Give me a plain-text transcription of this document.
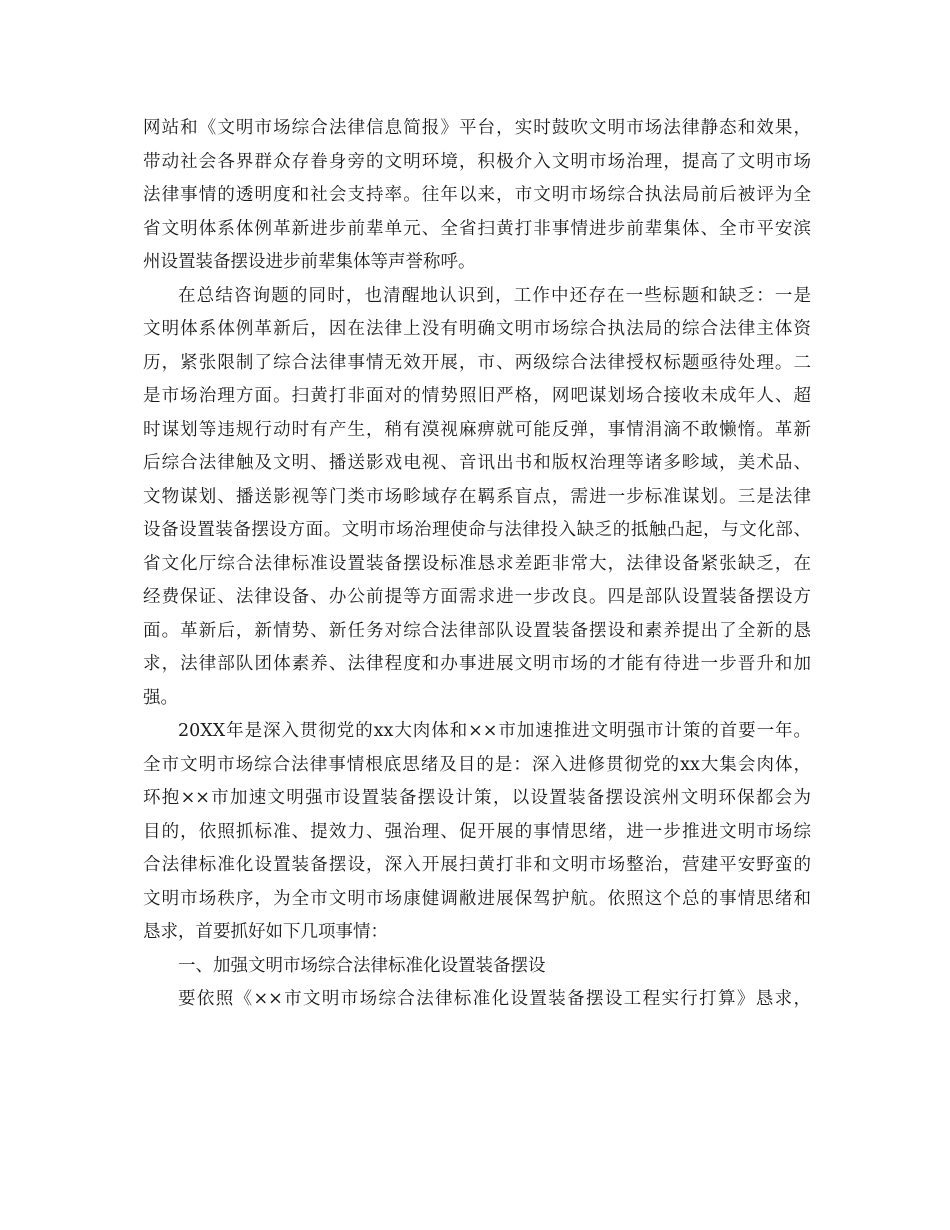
网站和《文明市场综合法律信息简报》平台，实时鼓吹文明市场法律静态和效果，
带动社会各界群众存眷身旁的文明环境，积极介入文明市场治理，提高了文明市场
法律事情的透明度和社会支持率。往年以来，市文明市场综合执法局前后被评为全
省文明体系体例革新进步前辈单元、全省扫黄打非事情进步前辈集体、全市平安滨
州设置装备摆设进步前辈集体等声誉称呼。
在总结咨询题的同时，也清醒地认识到，工作中还存在一些标题和缺乏：一是
文明体系体例革新后，因在法律上没有明确文明市场综合执法局的综合法律主体资
历，紧张限制了综合法律事情无效开展，市、两级综合法律授权标题亟待处理。二
是市场治理方面。扫黄打非面对的情势照旧严格，网吧谋划场合接收未成年人、超
时谋划等违规行动时有产生，稍有漠视麻痹就可能反弹，事情涓滴不敢懒惰。革新
后综合法律触及文明、播送影戏电视、音讯出书和版权治理等诸多畛域，美术品、
文物谋划、播送影视等门类市场畛域存在羁系盲点，需进一步标准谋划。三是法律
设备设置装备摆设方面。文明市场治理使命与法律投入缺乏的抵触凸起，与文化部、
省文化厅综合法律标准设置装备摆设标准恳求差距非常大，法律设备紧张缺乏，在
经费保证、法律设备、办公前提等方面需求进一步改良。四是部队设置装备摆设方
面。革新后，新情势、新任务对综合法律部队设置装备摆设和素养提出了全新的恳
求，法律部队团体素养、法律程度和办事进展文明市场的才能有待进一步晋升和加
强。
20XX年是深入贯彻党的xx大肉体和××市加速推进文明强市计策的首要一年。
全市文明市场综合法律事情根底思绪及目的是：深入进修贯彻党的xx大集会肉体，
环抱××市加速文明强市设置装备摆设计策，以设置装备摆设滨州文明环保都会为
目的，依照抓标准、提效力、强治理、促开展的事情思绪，进一步推进文明市场综
合法律标准化设置装备摆设，深入开展扫黄打非和文明市场整治，营建平安野蛮的
文明市场秩序，为全市文明市场康健调敝进展保驾护航。依照这个总的事情思绪和
恳求，首要抓好如下几项事情：
一、加强文明市场综合法律标准化设置装备摆设
要依照《××市文明市场综合法律标准化设置装备摆设工程实行打算》恳求，
